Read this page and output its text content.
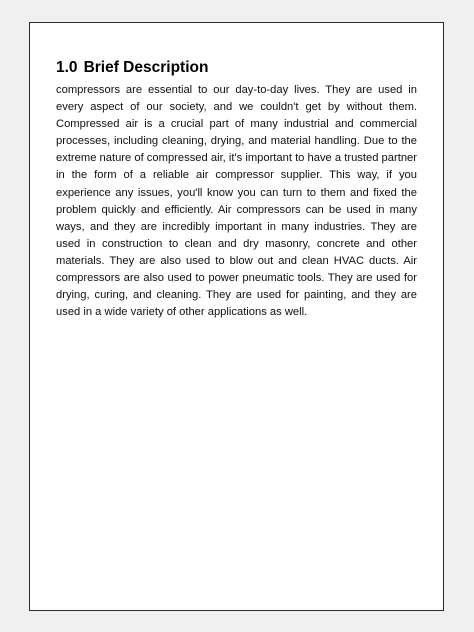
1.0 Brief Description

compressors are essential to our day-to-day lives. They are used in every aspect of our society, and we couldn't get by without them. Compressed air is a crucial part of many industrial and commercial processes, including cleaning, drying, and material handling. Due to the extreme nature of compressed air, it's important to have a trusted partner in the form of a reliable air compressor supplier. This way, if you experience any issues, you'll know you can turn to them and fixed the problem quickly and efficiently. Air compressors can be used in many ways, and they are incredibly important in many industries. They are used in construction to clean and dry masonry, concrete and other materials. They are also used to blow out and clean HVAC ducts. Air compressors are also used to power pneumatic tools. They are used for drying, curing, and cleaning. They are used for painting, and they are used in a wide variety of other applications as well.
